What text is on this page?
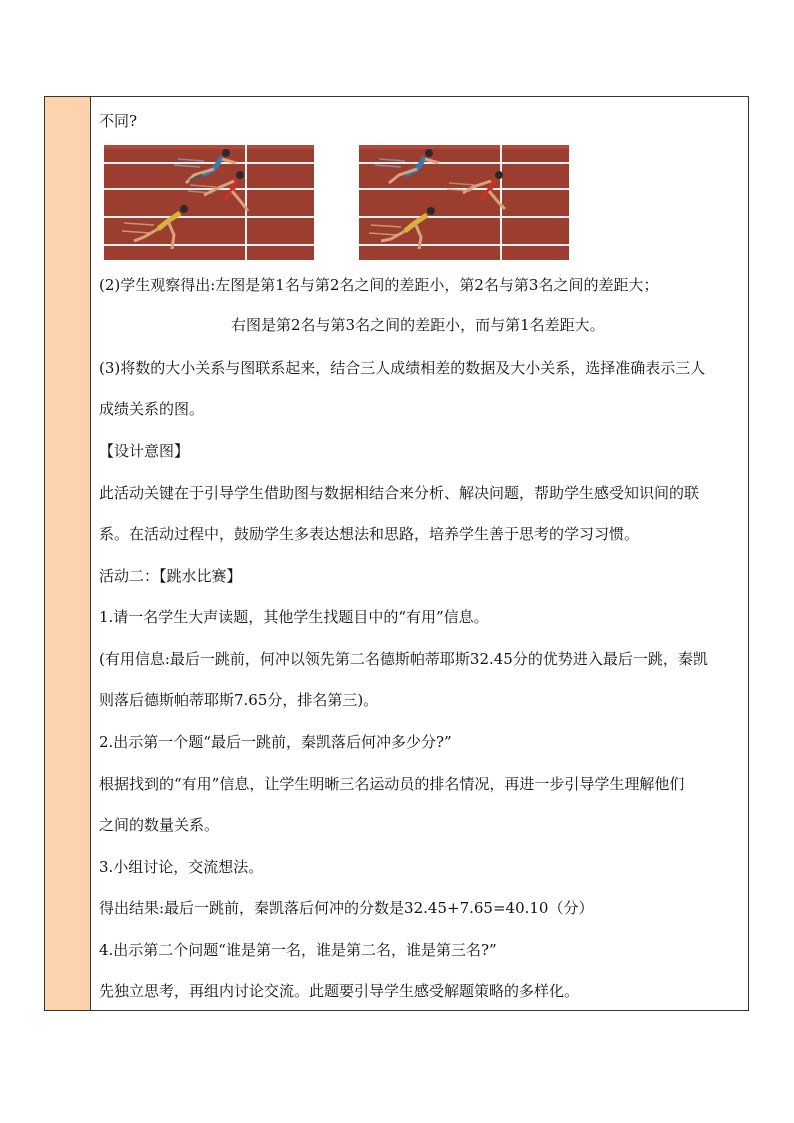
不同?
(2)学生观察得出:左图是第1名与第2名之间的差距小，第2名与第3名之间的差距大；
右图是第2名与第3名之间的差距小，而与第1名差距大。
(3)将数的大小关系与图联系起来，结合三人成绩相差的数据及大小关系，选择准确表示三人
成绩关系的图。
【设计意图】
此活动关键在于引导学生借助图与数据相结合来分析、解决问题，帮助学生感受知识间的联
系。在活动过程中，鼓励学生多表达想法和思路，培养学生善于思考的学习习惯。
活动二：【跳水比赛】
1.请一名学生大声读题，其他学生找题目中的“有用”信息。
(有用信息:最后一跳前，何冲以领先第二名德斯帕蒂耶斯32.45分的优势进入最后一跳，秦凯
则落后德斯帕蒂耶斯7.65分，排名第三)。
2.出示第一个题“最后一跳前，秦凯落后何冲多少分?”
根据找到的“有用”信息，让学生明晰三名运动员的排名情况，再进一步引导学生理解他们
之间的数量关系。
3.小组讨论，交流想法。
得出结果:最后一跳前，秦凯落后何冲的分数是32.45+7.65=40.10（分）
4.出示第二个问题“谁是第一名，谁是第二名，谁是第三名?”
先独立思考，再组内讨论交流。此题要引导学生感受解题策略的多样化。
